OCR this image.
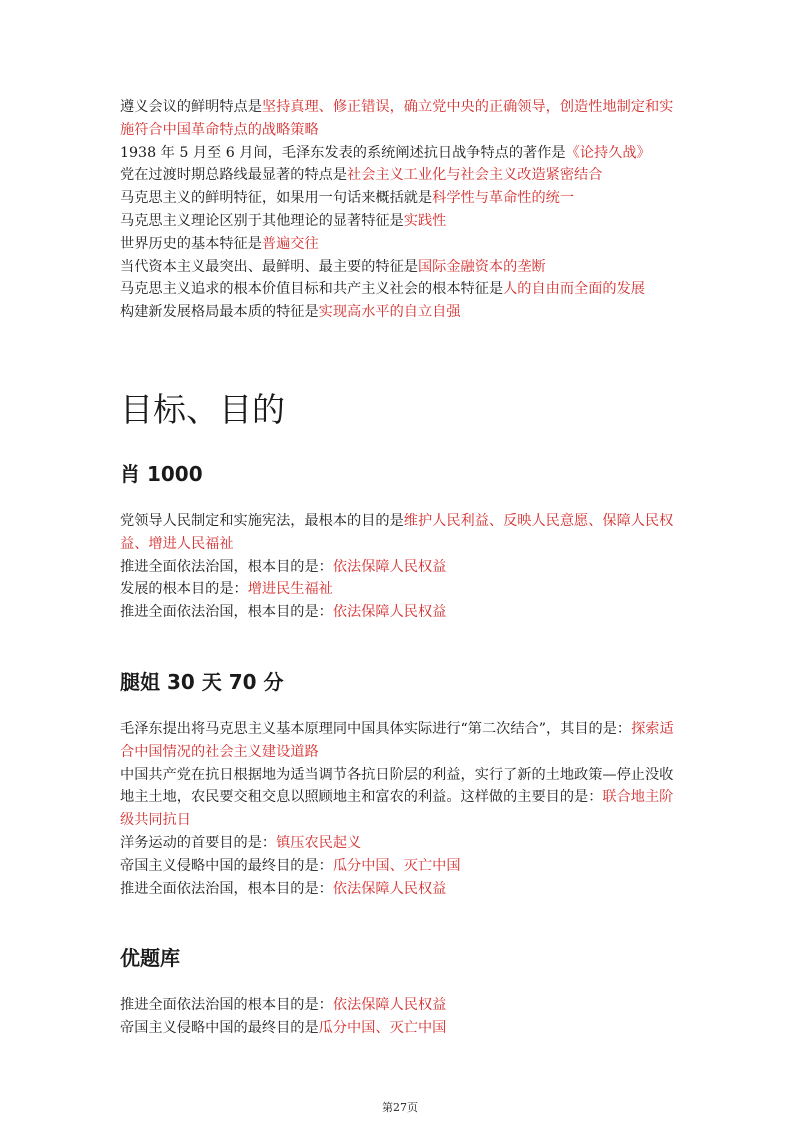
遵义会议的鲜明特点是坚持真理、修正错误，确立党中央的正确领导，创造性地制定和实施符合中国革命特点的战略策略

1938 年 5 月至 6 月间，毛泽东发表的系统阐述抗日战争特点的著作是《论持久战》

党在过渡时期总路线最显著的特点是社会主义工业化与社会主义改造紧密结合

马克思主义的鲜明特征，如果用一句话来概括就是科学性与革命性的统一

马克思主义理论区别于其他理论的显著特征是实践性

世界历史的基本特征是普遍交往

当代资本主义最突出、最鲜明、最主要的特征是国际金融资本的垄断

马克思主义追求的根本价值目标和共产主义社会的根本特征是人的自由而全面的发展

构建新发展格局最本质的特征是实现高水平的自立自强

目标、目的
肖 1000

党领导人民制定和实施宪法，最根本的目的是维护人民利益、反映人民意愿、保障人民权益、增进人民福祉

推进全面依法治国，根本目的是：依法保障人民权益

发展的根本目的是：增进民生福祉

推进全面依法治国，根本目的是：依法保障人民权益

腿姐 30 天 70 分

毛泽东提出将马克思主义基本原理同中国具体实际进行“第二次结合”，其目的是：探索适合中国情况的社会主义建设道路

中国共产党在抗日根据地为适当调节各抗日阶层的利益，实行了新的土地政策—停止没收地主土地，农民要交租交息以照顾地主和富农的利益。这样做的主要目的是：联合地主阶级共同抗日

洋务运动的首要目的是：镇压农民起义

帝国主义侵略中国的最终目的是：瓜分中国、灭亡中国

推进全面依法治国，根本目的是：依法保障人民权益

优题库

推进全面依法治国的根本目的是：依法保障人民权益

帝国主义侵略中国的最终目的是瓜分中国、灭亡中国

第27页
